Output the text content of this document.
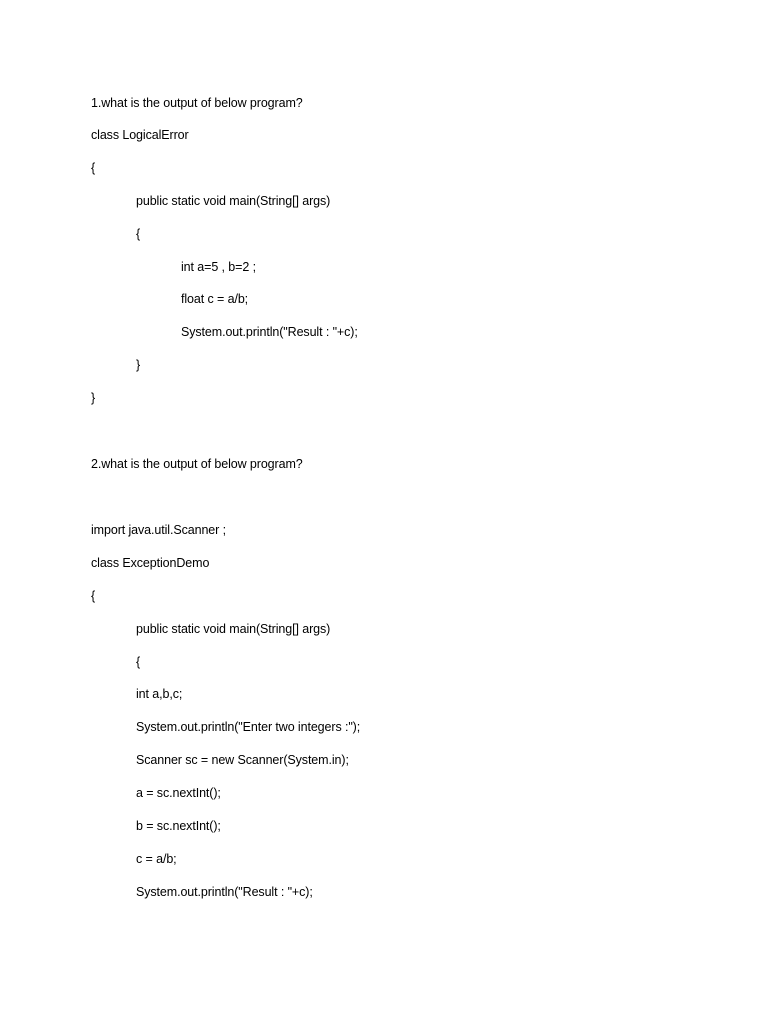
1.what is the output of below program?
class LogicalError
{
public static void main(String[] args)
{
int a=5 , b=2 ;
float c = a/b;
System.out.println("Result : "+c);
}
}
2.what is the output of below program?
import java.util.Scanner ;
class ExceptionDemo
{
public static void main(String[] args)
{
int a,b,c;
System.out.println("Enter two integers :");
Scanner sc = new Scanner(System.in);
a = sc.nextInt();
b = sc.nextInt();
c = a/b;
System.out.println("Result : "+c);
